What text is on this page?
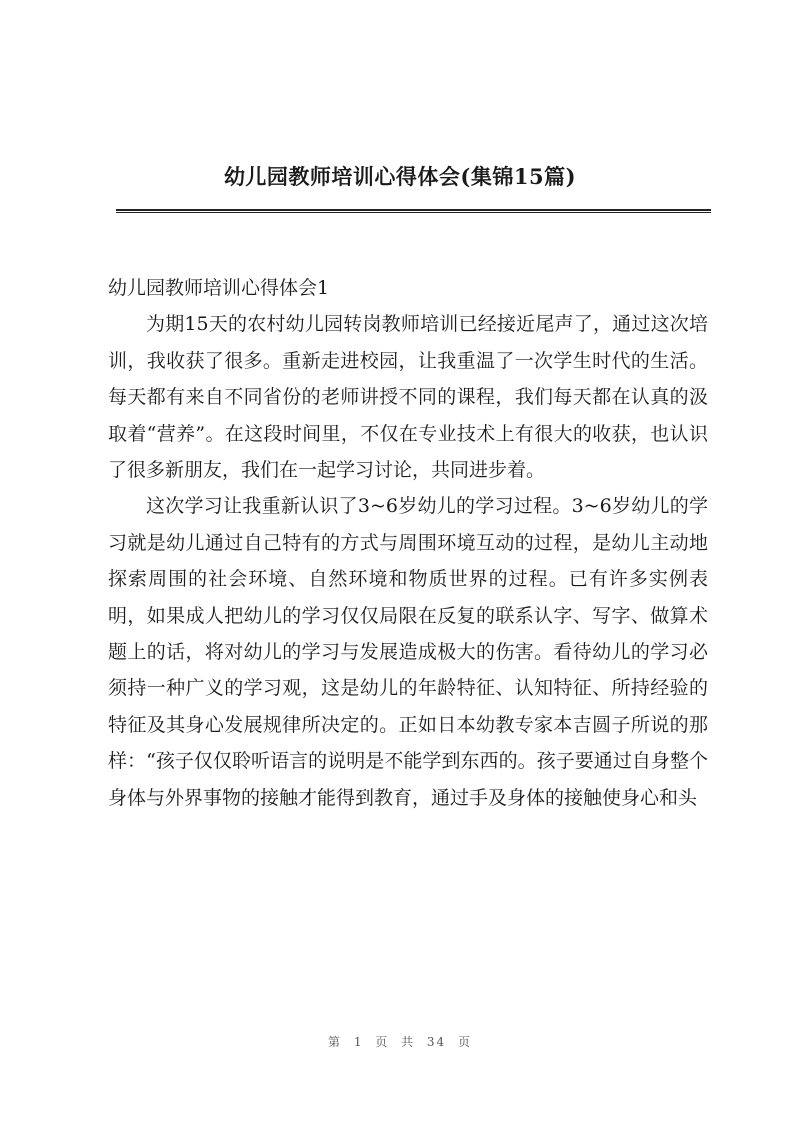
幼儿园教师培训心得体会(集锦15篇)
幼儿园教师培训心得体会1

为期15天的农村幼儿园转岗教师培训已经接近尾声了，通过这次培训，我收获了很多。重新走进校园，让我重温了一次学生时代的生活。每天都有来自不同省份的老师讲授不同的课程，我们每天都在认真的汲取着“营养”。在这段时间里，不仅在专业技术上有很大的收获，也认识了很多新朋友，我们在一起学习讨论，共同进步着。

这次学习让我重新认识了3~6岁幼儿的学习过程。3~6岁幼儿的学习就是幼儿通过自己特有的方式与周围环境互动的过程，是幼儿主动地探索周围的社会环境、自然环境和物质世界的过程。已有许多实例表明，如果成人把幼儿的学习仅仅局限在反复的联系认字、写字、做算术题上的话，将对幼儿的学习与发展造成极大的伤害。看待幼儿的学习必须持一种广义的学习观，这是幼儿的年龄特征、认知特征、所持经验的特征及其身心发展规律所决定的。正如日本幼教专家本吉圆子所说的那样：“孩子仅仅聆听语言的说明是不能学到东西的。孩子要通过自身整个身体与外界事物的接触才能得到教育，通过手及身体的接触使身心和头

第 1 页 共 34 页
